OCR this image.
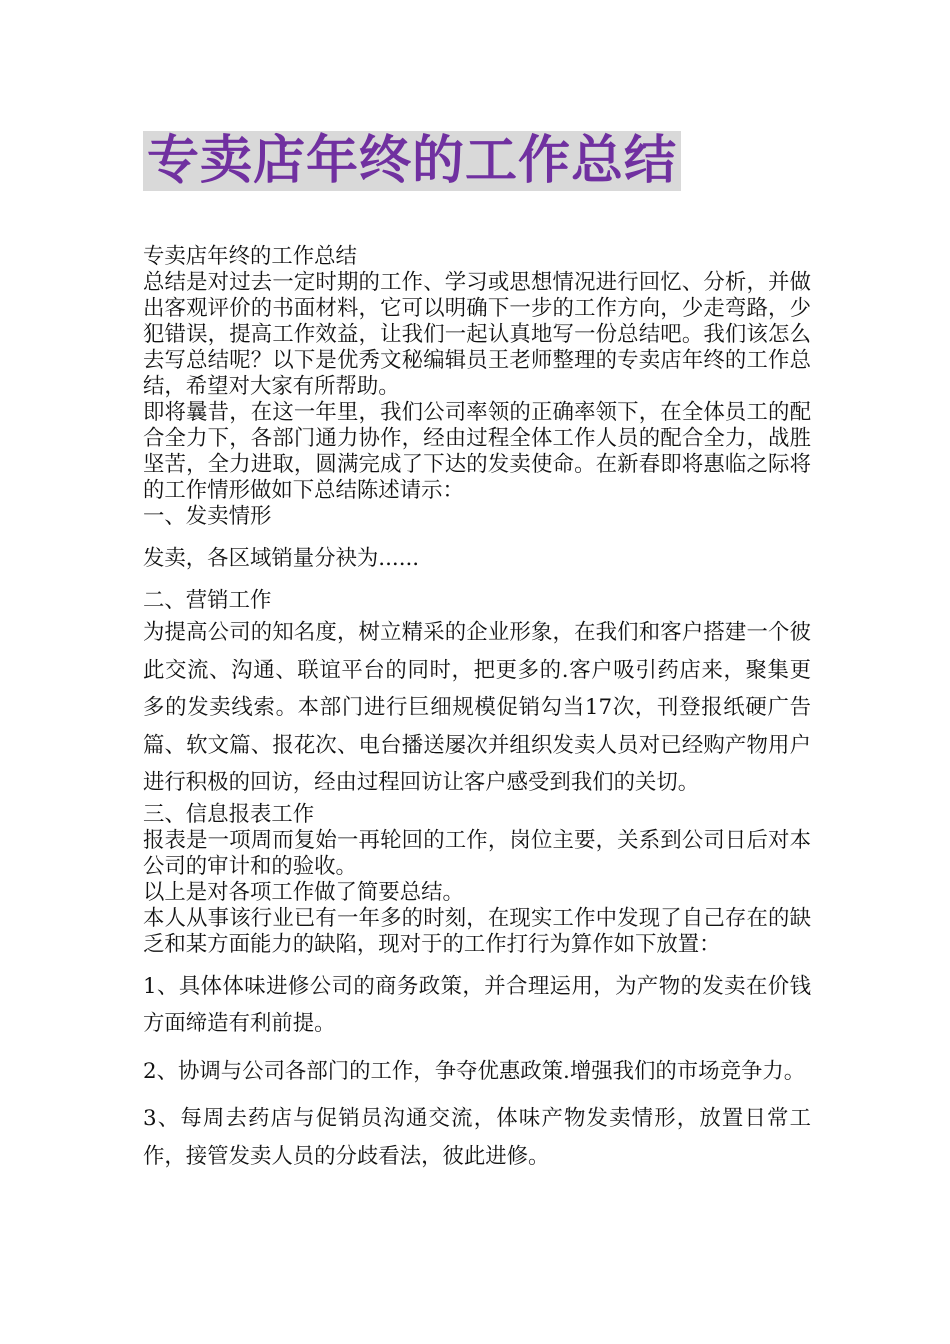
专卖店年终的工作总结

专卖店年终的工作总结

总结是对过去一定时期的工作、学习或思想情况进行回忆、分析，并做出客观评价的书面材料，它可以明确下一步的工作方向，少走弯路，少犯错误，提高工作效益，让我们一起认真地写一份总结吧。我们该怎么去写总结呢？以下是优秀文秘编辑员王老师整理的专卖店年终的工作总结，希望对大家有所帮助。

即将曩昔，在这一年里，我们公司率领的正确率领下，在全体员工的配合全力下，各部门通力协作，经由过程全体工作人员的配合全力，战胜坚苦，全力进取，圆满完成了下达的发卖使命。在新春即将惠临之际将的工作情形做如下总结陈述请示：

一、发卖情形

发卖，各区域销量分袂为......

二、营销工作

为提高公司的知名度，树立精采的企业形象，在我们和客户搭建一个彼此交流、沟通、联谊平台的同时，把更多的.客户吸引药店来，聚集更多的发卖线索。本部门进行巨细规模促销勾当17次，刊登报纸硬广告篇、软文篇、报花次、电台播送屡次并组织发卖人员对已经购产物用户进行积极的回访，经由过程回访让客户感受到我们的关切。

三、信息报表工作

报表是一项周而复始一再轮回的工作，岗位主要，关系到公司日后对本公司的审计和的验收。

以上是对各项工作做了简要总结。

本人从事该行业已有一年多的时刻，在现实工作中发现了自己存在的缺乏和某方面能力的缺陷，现对于的工作打行为算作如下放置：

1、具体体味进修公司的商务政策，并合理运用，为产物的发卖在价钱方面缔造有利前提。

2、协调与公司各部门的工作，争夺优惠政策.增强我们的市场竞争力。

3、每周去药店与促销员沟通交流，体味产物发卖情形，放置日常工作，接管发卖人员的分歧看法，彼此进修。
